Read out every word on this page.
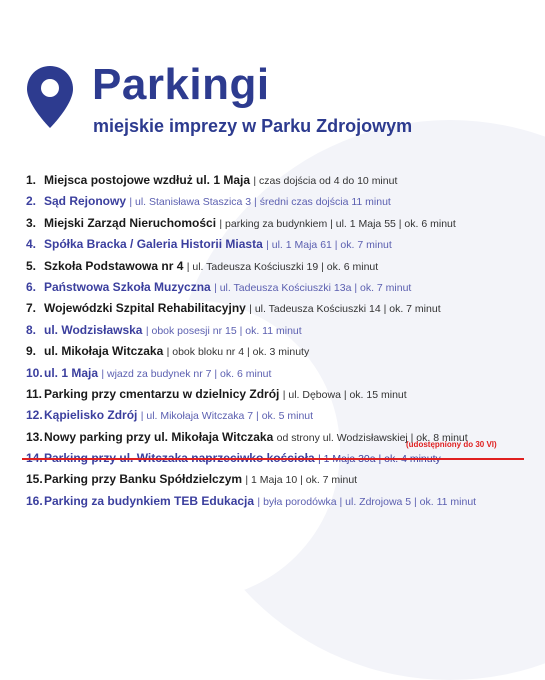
Parkingi
miejskie imprezy w Parku Zdrojowym
1. Miejsca postojowe wzdłuż ul. 1 Maja | czas dojścia od 4 do 10 minut
2. Sąd Rejonowy | ul. Stanisława Staszica 3 | średni czas dojścia 11 minut
3. Miejski Zarząd Nieruchomości | parking za budynkiem | ul. 1 Maja 55 | ok. 6 minut
4. Spółka Bracka / Galeria Historii Miasta | ul. 1 Maja 61 | ok. 7 minut
5. Szkoła Podstawowa nr 4 | ul. Tadeusza Kościuszki 19 | ok. 6 minut
6. Państwowa Szkoła Muzyczna | ul. Tadeusza Kościuszki 13a | ok. 7 minut
7. Wojewódzki Szpital Rehabilitacyjny | ul. Tadeusza Kościuszki 14 | ok. 7 minut
8. ul. Wodzisławska | obok posesji nr 15 | ok. 11 minut
9. ul. Mikołaja Witczaka | obok bloku nr 4 | ok. 3 minuty
10.ul. 1 Maja | wjazd za budynek nr 7 | ok. 6 minut
11. Parking przy cmentarzu w dzielnicy Zdrój | ul. Dębowa | ok. 15 minut
12.Kąpielisko Zdrój | ul. Mikołaja Witczaka 7 | ok. 5 minut
13.Nowy parking przy ul. Mikołaja Witczaka od strony ul. Wodzisławskiej | ok. 8 minut
(udostępniony do 30 VI)
15.Parking przy Banku Spółdzielczym | 1 Maja 10 | ok. 7 minut
16.Parking za budynkiem TEB Edukacja | była porodówka | ul. Zdrojowa 5 | ok. 11 minut
